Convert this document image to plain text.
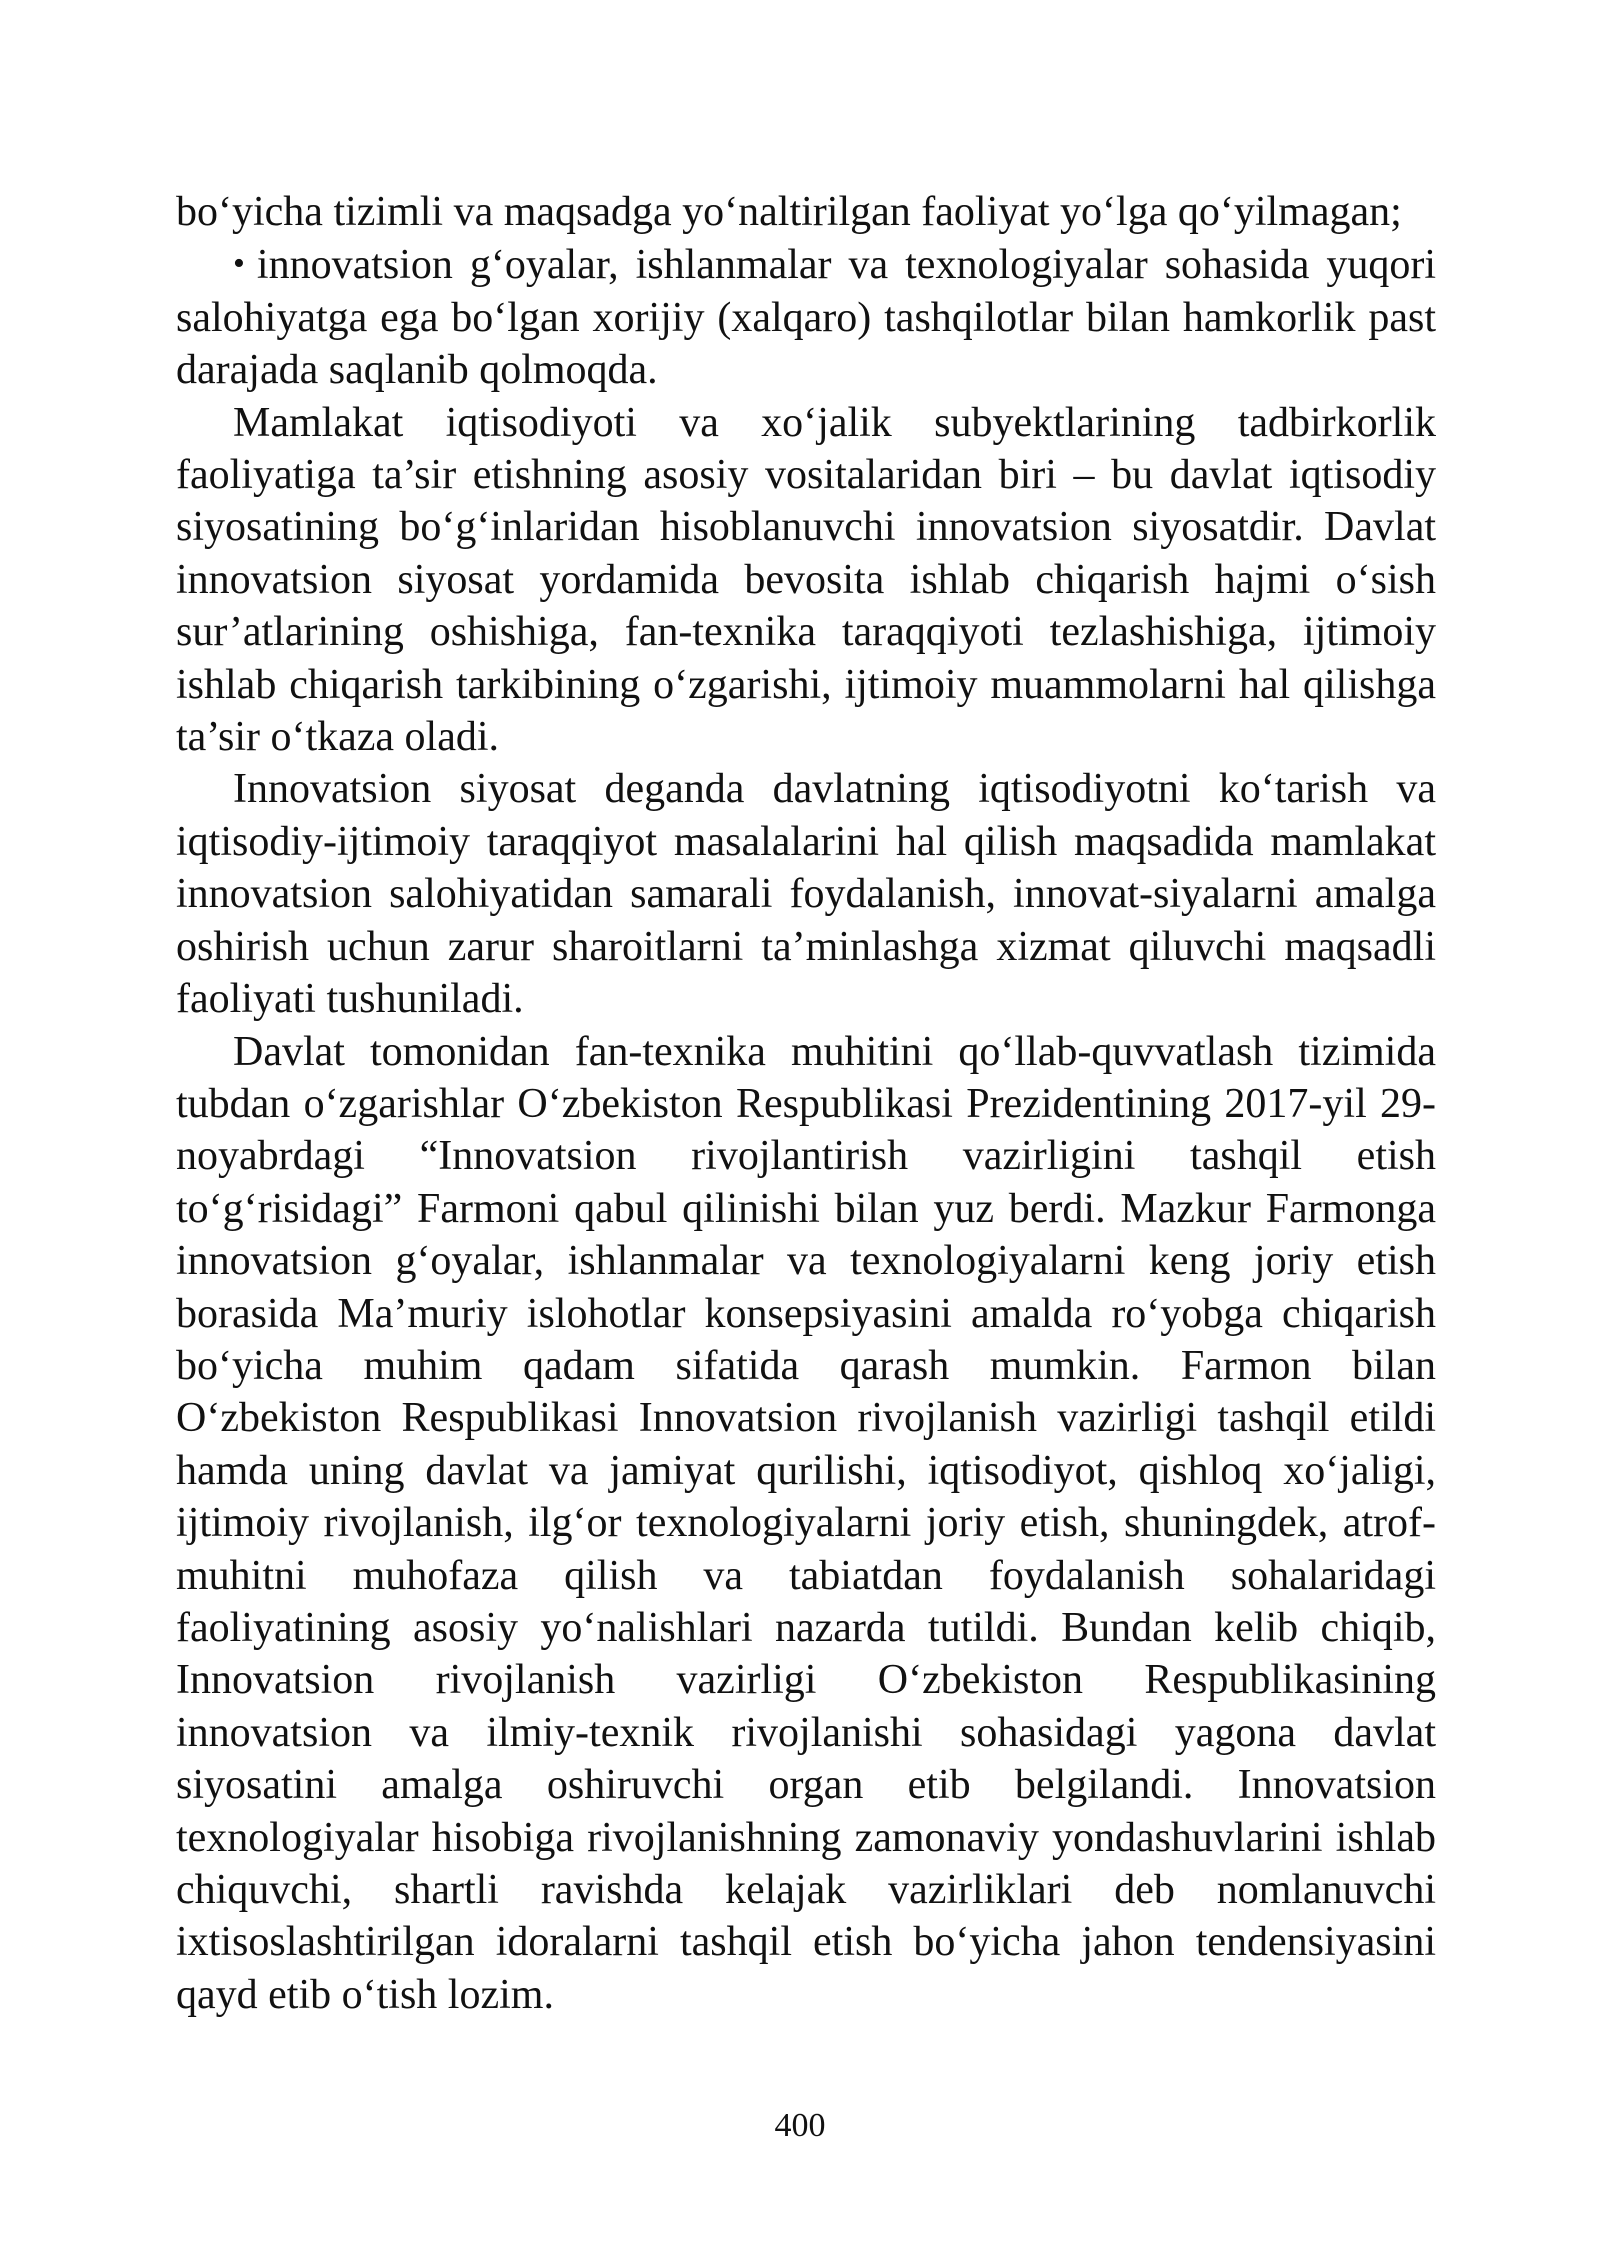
bo‘yicha tizimli va maqsadga yo‘naltirilgan faoliyat yo‘lga qo‘yilmagan;

• innovatsion g‘oyalar, ishlanmalar va texnologiyalar sohasida yuqori salohiyatga ega bo‘lgan xorijiy (xalqaro) tashqilotlar bilan hamkorlik past darajada saqlanib qolmoqda.

Mamlakat iqtisodiyoti va xo‘jalik subyektlarining tadbirkorlik faoliyatiga ta’sir etishning asosiy vositalaridan biri – bu davlat iqtisodiy siyosatining bo‘g‘inlaridan hisoblanuvchi innovatsion siyosatdir. Davlat innovatsion siyosat yordamida bevosita ishlab chiqarish hajmi o‘sish sur’atlarining oshishiga, fan-texnika taraqqiyoti tezlashishiga, ijtimoiy ishlab chiqarish tarkibining o‘zgarishi, ijtimoiy muammolarni hal qilishga ta’sir o‘tkaza oladi.

Innovatsion siyosat deganda davlatning iqtisodiyotni ko‘tarish va iqtisodiy-ijtimoiy taraqqiyot masalalarini hal qilish maqsadida mamlakat innovatsion salohiyatidan samarali foydalanish, innovat-siyalarni amalga oshirish uchun zarur sharoitlarni ta’minlashga xizmat qiluvchi maqsadli faoliyati tushuniladi.

Davlat tomonidan fan-texnika muhitini qo‘llab-quvvatlash tizimida tubdan o‘zgarishlar O‘zbekiston Respublikasi Prezidentining 2017-yil 29-noyabrdagi “Innovatsion rivojlantirish vazirligini tashqil etish to‘g‘risidagi” Farmoni qabul qilinishi bilan yuz berdi. Mazkur Farmonga innovatsion g‘oyalar, ishlanmalar va texnologiyalarni keng joriy etish borasida Ma’muriy islohotlar konsepsiyasini amalda ro‘yobga chiqarish bo‘yicha muhim qadam sifatida qarash mumkin. Farmon bilan O‘zbekiston Respublikasi Innovatsion rivojlanish vazirligi tashqil etildi hamda uning davlat va jamiyat qurilishi, iqtisodiyot, qishloq xo‘jaligi, ijtimoiy rivojlanish, ilg‘or texnologiyalarni joriy etish, shuningdek, atrof-muhitni muhofaza qilish va tabiatdan foydalanish sohalaridagi faoliyatining asosiy yo‘nalishlari nazarda tutildi. Bundan kelib chiqib, Innovatsion rivojlanish vazirligi O‘zbekiston Respublikasining innovatsion va ilmiy-texnik rivojlanishi sohasidagi yagona davlat siyosatini amalga oshiruvchi organ etib belgilandi. Innovatsion texnologiyalar hisobiga rivojlanishning zamonaviy yondashuvlarini ishlab chiquvchi, shartli ravishda kelajak vazirliklari deb nomlanuvchi ixtisoslashtirilgan idoralarni tashqil etish bo‘yicha jahon tendensiyasini qayd etib o‘tish lozim.

400
